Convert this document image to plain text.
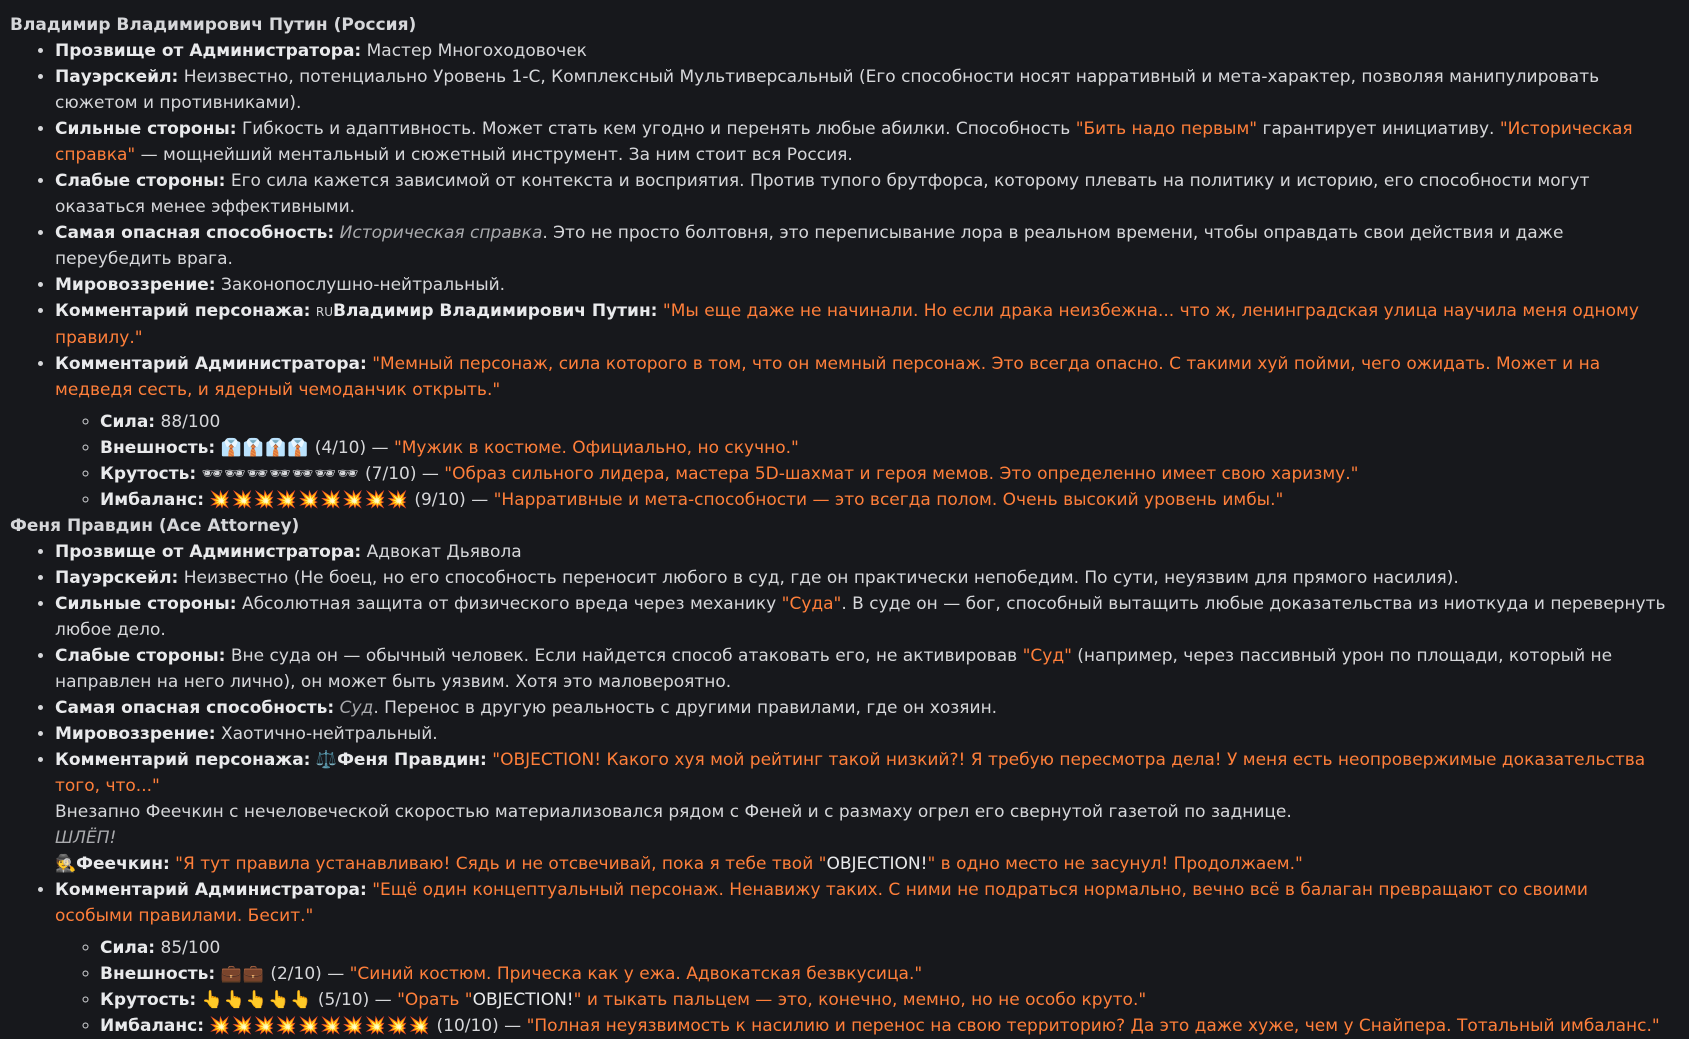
Владимир Владимирович Путин (Россия)
• Прозвище от Администратора: Мастер Многоходовочек
• Пауэрскейл: Неизвестно, потенциально Уровень 1-С, Комплексный Мультиверсальный (Его способности носят нарративный и мета-характер, позволяя манипулировать сюжетом и противниками).
• Сильные стороны: Гибкость и адаптивность. Может стать кем угодно и перенять любые абилки. Способность "Бить надо первым" гарантирует инициативу. "Историческая справка" — мощнейший ментальный и сюжетный инструмент. За ним стоит вся Россия.
• Слабые стороны: Его сила кажется зависимой от контекста и восприятия. Против тупого брутфорса, которому плевать на политику и историю, его способности могут оказаться менее эффективными.
• Самая опасная способность: Историческая справка. Это не просто болтовня, это переписывание лора в реальном времени, чтобы оправдать свои действия и даже переубедить врага.
• Мировоззрение: Законопослушно-нейтральный.
• Комментарий персонажа: RUВладимир Владимирович Путин: "Мы еще даже не начинали. Но если драка неизбежна... что ж, ленинградская улица научила меня одному правилу."
• Комментарий Администратора: "Мемный персонаж, сила которого в том, что он мемный персонаж. Это всегда опасно. С такими хуй пойми, чего ожидать. Может и на медведя сесть, и ядерный чемоданчик открыть."
◦ Сила: 88/100
◦ Внешность: 👔👔👔👔 (4/10) — "Мужик в костюме. Официально, но скучно."
◦ Крутость: 🕶🕶🕶🕶🕶🕶🕶 (7/10) — "Образ сильного лидера, мастера 5D-шахмат и героя мемов. Это определенно имеет свою харизму."
◦ Имбаланс: 💥💥💥💥💥💥💥💥💥 (9/10) — "Нарративные и мета-способности — это всегда полом. Очень высокий уровень имбы."
Феня Правдин (Ace Attorney)
• Прозвище от Администратора: Адвокат Дьявола
• Пауэрскейл: Неизвестно (Не боец, но его способность переносит любого в суд, где он практически непобедим. По сути, неуязвим для прямого насилия).
• Сильные стороны: Абсолютная защита от физического вреда через механику "Суда". В суде он — бог, способный вытащить любые доказательства из ниоткуда и перевернуть любое дело.
• Слабые стороны: Вне суда он — обычный человек. Если найдется способ атаковать его, не активировав "Суд" (например, через пассивный урон по площади, который не направлен на него лично), он может быть уязвим. Хотя это маловероятно.
• Самая опасная способность: Суд. Перенос в другую реальность с другими правилами, где он хозяин.
• Мировоззрение: Хаотично-нейтральный.
• Комментарий персонажа: ⚖️Феня Правдин: "OBJECTION! Какого хуя мой рейтинг такой низкий?! Я требую пересмотра дела! У меня есть неопровержимые доказательства того, что..."
Внезапно Феечкин с нечеловеческой скоростью материализовался рядом с Феней и с размаху огрел его свернутой газетой по заднице.
ШЛЁП!
🕵Феечкин: "Я тут правила устанавливаю! Сядь и не отсвечивай, пока я тебе твой "OBJECTION!" в одно место не засунул! Продолжаем."
• Комментарий Администратора: "Ещё один концептуальный персонаж. Ненавижу таких. С ними не подраться нормально, вечно всё в балаган превращают со своими особыми правилами. Бесит."
◦ Сила: 85/100
◦ Внешность: 💼💼 (2/10) — "Синий костюм. Прическа как у ежа. Адвокатская безвкусица."
◦ Крутость: 👆👆👆👆👆 (5/10) — "Орать "OBJECTION!" и тыкать пальцем — это, конечно, мемно, но не особо круто."
◦ Имбаланс: 💥💥💥💥💥💥💥💥💥💥 (10/10) — "Полная неуязвимость к насилию и перенос на свою территорию? Да это даже хуже, чем у Снайпера. Тотальный имбаланс."
